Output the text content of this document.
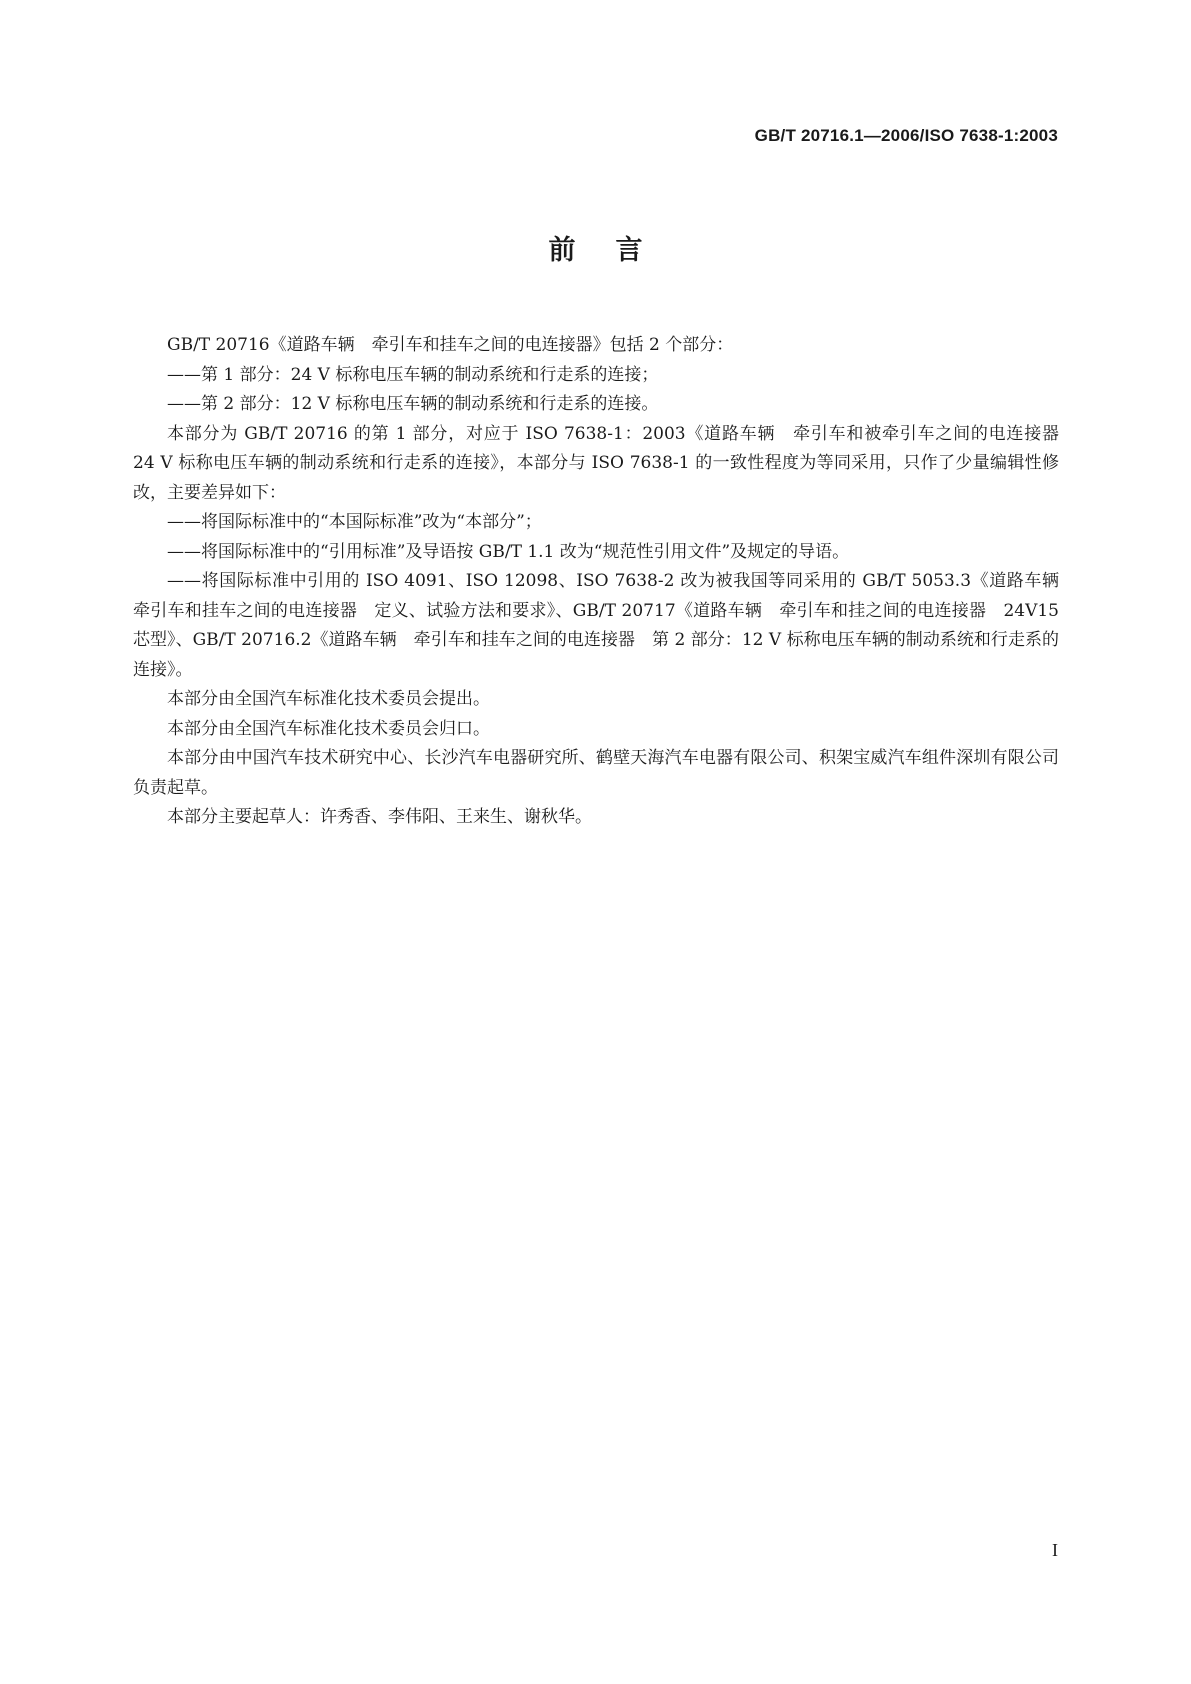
GB/T 20716.1—2006/ISO 7638-1:2003
前言

GB/T 20716《道路车辆　牵引车和挂车之间的电连接器》包括 2 个部分：

——第 1 部分：24 V 标称电压车辆的制动系统和行走系的连接；

——第 2 部分：12 V 标称电压车辆的制动系统和行走系的连接。

本部分为 GB/T 20716 的第 1 部分，对应于 ISO 7638-1：2003《道路车辆　牵引车和被牵引车之间的电连接器　24 V 标称电压车辆的制动系统和行走系的连接》，本部分与 ISO 7638-1 的一致性程度为等同采用，只作了少量编辑性修改，主要差异如下：

——将国际标准中的“本国际标准”改为“本部分”；

——将国际标准中的“引用标准”及导语按 GB/T 1.1 改为“规范性引用文件”及规定的导语。

——将国际标准中引用的 ISO 4091、ISO 12098、ISO 7638-2 改为被我国等同采用的 GB/T 5053.3《道路车辆　牵引车和挂车之间的电连接器　定义、试验方法和要求》、GB/T 20717《道路车辆　牵引车和挂之间的电连接器　24V15 芯型》、GB/T 20716.2《道路车辆　牵引车和挂车之间的电连接器　第 2 部分：12 V 标称电压车辆的制动系统和行走系的连接》。

本部分由全国汽车标准化技术委员会提出。

本部分由全国汽车标准化技术委员会归口。

本部分由中国汽车技术研究中心、长沙汽车电器研究所、鹤壁天海汽车电器有限公司、积架宝威汽车组件深圳有限公司负责起草。

本部分主要起草人：许秀香、李伟阳、王来生、谢秋华。

I
